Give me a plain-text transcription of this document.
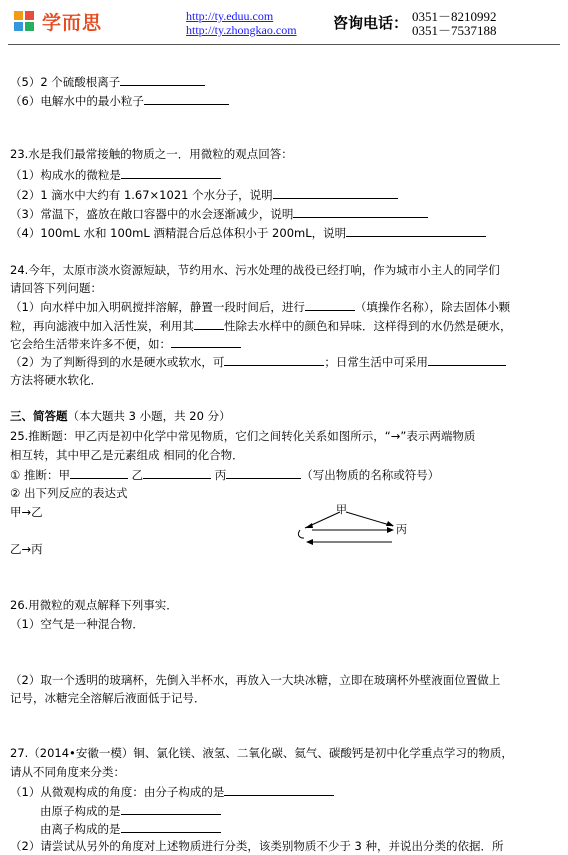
学而思	http://ty.eduu.com
http://ty.zhongkao.com 咨询电话： 0351－8210992
0351－7537188
（5）2 个硫酸根离子
（6）电解水中的最小粒子
23.水是我们最常接触的物质之一．用微粒的观点回答：
（1）构成水的微粒是
（2）1 滴水中大约有 1.67×1021 个水分子，说明
（3）常温下，盛放在敞口容器中的水会逐渐减少，说明
（4）100mL 水和 100mL 酒精混合后总体积小于 200mL，说明
24.今年，太原市淡水资源短缺，节约用水、污水处理的战役已经打响，作为城市小主人的同学们
请回答下列问题：
（1）向水样中加入明矾搅拌溶解，静置一段时间后，进行	（填操作名称），除去固体小颗
粒，再向滤液中加入活性炭，利用其	性除去水样中的颜色和异味．这样得到的水仍然是硬水，
它会给生活带来许多不便，如：
（2）为了判断得到的水是硬水或软水，可	；日常生活中可采用
方法将硬水软化．
三、简答题（本大题共 3 小题，共 20 分）
25.推断题：甲乙丙是初中化学中常见物质，它们之间转化关系如图所示，“→”表示两端物质
相互转，其中甲乙是元素组成 相同的化合物．
① 推断：甲	乙	丙	（写出物质的名称或符号）
② 出下列反应的表达式
甲→乙
乙→丙
甲
丙
26.用微粒的观点解释下列事实．
（1）空气是一种混合物．
（2）取一个透明的玻璃杯，先倒入半杯水，再放入一大块冰糖，立即在玻璃杯外壁液面位置做上
记号，冰糖完全溶解后液面低于记号．
27.（2014•安徽一模）铜、氯化镁、液氢、二氧化碳、氦气、碳酸钙是初中化学重点学习的物质，
请从不同角度来分类：
（1）从微观构成的角度：由分子构成的是
由原子构成的是
由离子构成的是
（2）请尝试从另外的角度对上述物质进行分类，该类别物质不少于 3 种，并说出分类的依据．所
